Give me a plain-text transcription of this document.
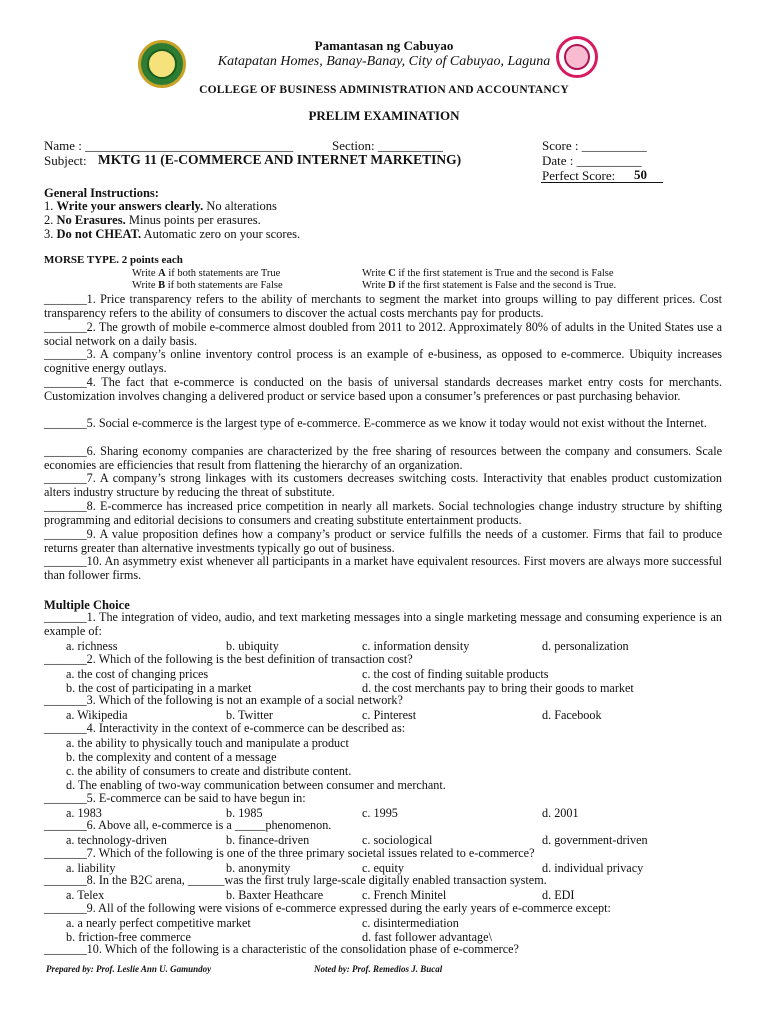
Pamantasan ng Cabuyao
Katapatan Homes, Banay-Banay, City of Cabuyao, Laguna
COLLEGE OF BUSINESS ADMINISTRATION AND ACCOUNTANCY
PRELIM EXAMINATION
Name : ________________________________	Section: __________	Score : __________
Subject: MKTG 11 (E-COMMERCE AND INTERNET MARKETING)	Date : __________
Perfect Score: 50
General Instructions:
1. Write your answers clearly. No alterations
2. No Erasures. Minus points per erasures.
3. Do not CHEAT. Automatic zero on your scores.
MORSE TYPE. 2 points each
Write A if both statements are True
Write B if both statements are False
Write C if the first statement is True and the second is False
Write D if the first statement is False and the second is True.
_______1. Price transparency refers to the ability of merchants to segment the market into groups willing to pay different prices. Cost transparency refers to the ability of consumers to discover the actual costs merchants pay for products.
_______2. The growth of mobile e-commerce almost doubled from 2011 to 2012. Approximately 80% of adults in the United States use a social network on a daily basis.
_______3. A company’s online inventory control process is an example of e-business, as opposed to e-commerce. Ubiquity increases cognitive energy outlays.
_______4. The fact that e-commerce is conducted on the basis of universal standards decreases market entry costs for merchants. Customization involves changing a delivered product or service based upon a consumer’s preferences or past purchasing behavior.
_______5. Social e-commerce is the largest type of e-commerce. E-commerce as we know it today would not exist without the Internet.
_______6. Sharing economy companies are characterized by the free sharing of resources between the company and consumers. Scale economies are efficiencies that result from flattening the hierarchy of an organization.
_______7. A company’s strong linkages with its customers decreases switching costs. Interactivity that enables product customization alters industry structure by reducing the threat of substitute.
_______8. E-commerce has increased price competition in nearly all markets. Social technologies change industry structure by shifting programming and editorial decisions to consumers and creating substitute entertainment products.
_______9. A value proposition defines how a company’s product or service fulfills the needs of a customer. Firms that fail to produce returns greater than alternative investments typically go out of business.
_______10. An asymmetry exist whenever all participants in a market have equivalent resources. First movers are always more successful than follower firms.
Multiple Choice
_______1. The integration of video, audio, and text marketing messages into a single marketing message and consuming experience is an example of:
a. richness	b. ubiquity	c. information density	d. personalization
_______2. Which of the following is the best definition of transaction cost?
a. the cost of changing prices	c. the cost of finding suitable products
b. the cost of participating in a market	d. the cost merchants pay to bring their goods to market
_______3. Which of the following is not an example of a social network?
a. Wikipedia	b. Twitter	c. Pinterest	d. Facebook
_______4. Interactivity in the context of e-commerce can be described as:
a. the ability to physically touch and manipulate a product
b. the complexity and content of a message
c. the ability of consumers to create and distribute content.
d. The enabling of two-way communication between consumer and merchant.
_______5. E-commerce can be said to have begun in:
a. 1983	b. 1985	c. 1995	d. 2001
_______6. Above all, e-commerce is a _____phenomenon.
a. technology-driven	b. finance-driven	c. sociological	d. government-driven
_______7. Which of the following is one of the three primary societal issues related to e-commerce?
a. liability	b. anonymity	c. equity	d. individual privacy
_______8. In the B2C arena, ______was the first truly large-scale digitally enabled transaction system.
a. Telex	b. Baxter Heathcare	c. French Minitel	d. EDI
_______9. All of the following were visions of e-commerce expressed during the early years of e-commerce except:
a. a nearly perfect competitive market	c. disintermediation
b. friction-free commerce	d. fast follower advantage\
_______10. Which of the following is a characteristic of the consolidation phase of e-commerce?
Prepared by: Prof. Leslie Ann U. Gamundoy	Noted by: Prof. Remedios J. Bucal
